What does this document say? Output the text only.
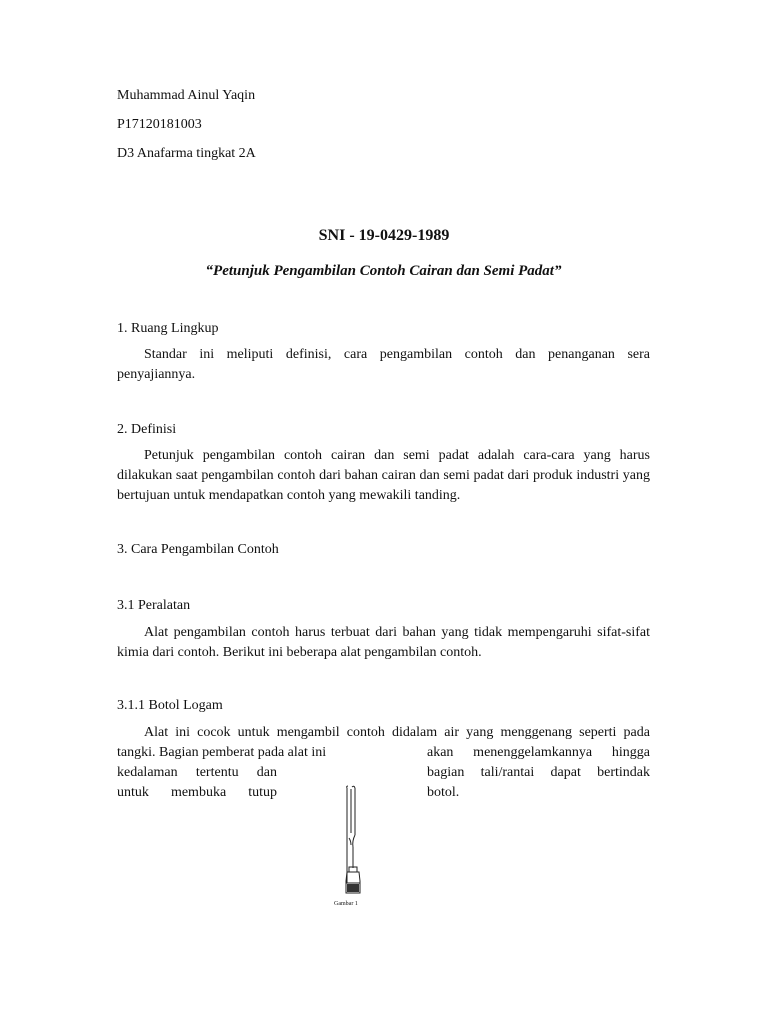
Muhammad Ainul Yaqin

P17120181003

D3 Anafarma tingkat 2A

SNI - 19-0429-1989

“Petunjuk Pengambilan Contoh Cairan dan Semi Padat”

1. Ruang Lingkup

Standar ini meliputi definisi, cara pengambilan contoh dan penanganan sera penyajiannya.

2. Definisi

Petunjuk pengambilan contoh cairan dan semi padat adalah cara-cara yang harus dilakukan saat pengambilan contoh dari bahan cairan dan semi padat dari produk industri yang bertujuan untuk mendapatkan contoh yang mewakili tanding.

3. Cara Pengambilan Contoh

3.1 Peralatan

Alat pengambilan contoh harus terbuat dari bahan yang tidak mempengaruhi sifat-sifat kimia dari contoh. Berikut ini beberapa alat pengambilan contoh.

3.1.1 Botol Logam

Alat ini cocok untuk mengambil contoh didalam air yang menggenang seperti pada tangki. Bagian pemberat pada alat ini

kedalaman tertentu dan

untuk membuka tutup

akan menenggelamkannya hingga

bagian tali/rantai dapat bertindak

botol.

Gambar 1
